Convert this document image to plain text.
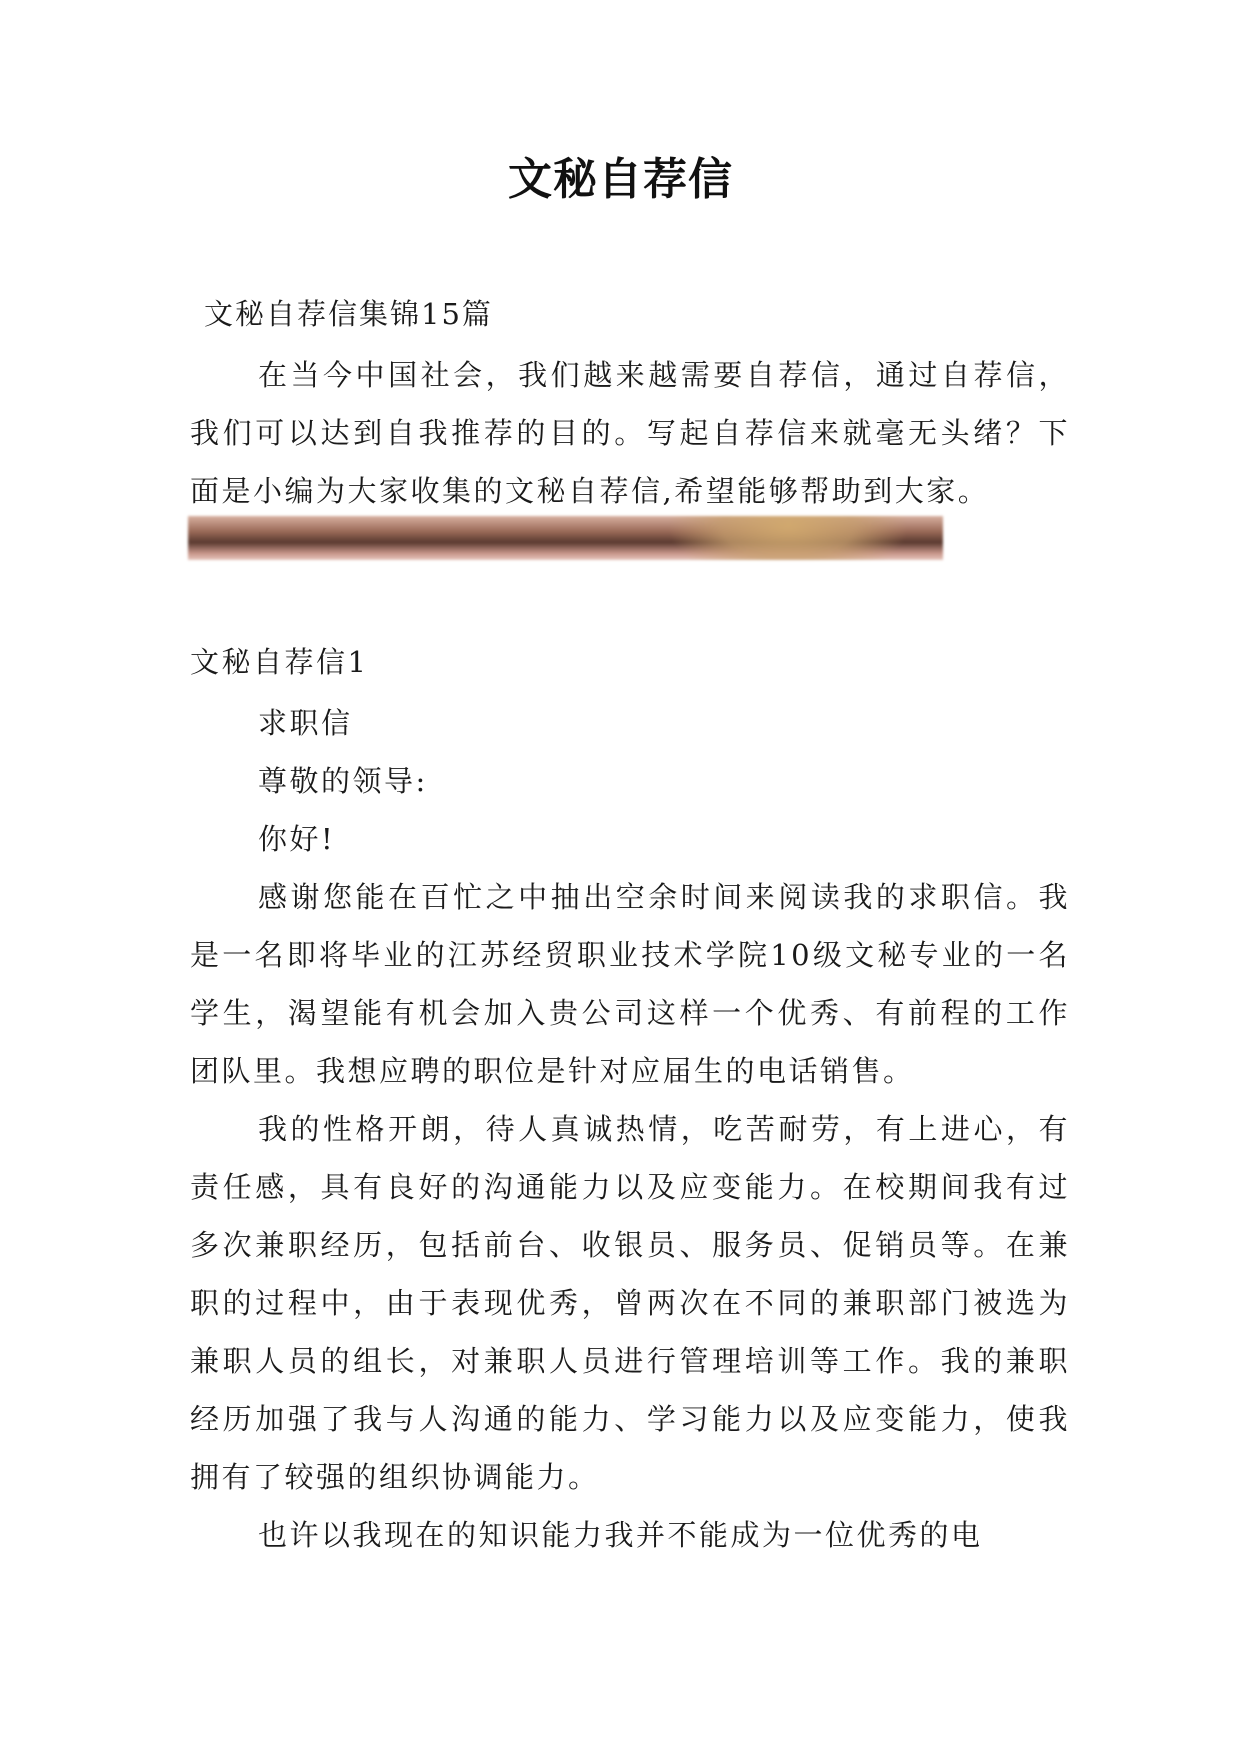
文秘自荐信
文秘自荐信集锦15篇

在当今中国社会，我们越来越需要自荐信，通过自荐信，我们可以达到自我推荐的目的。写起自荐信来就毫无头绪？下面是小编为大家收集的文秘自荐信,希望能够帮助到大家。

文秘自荐信1

求职信

尊敬的领导:

你好!

感谢您能在百忙之中抽出空余时间来阅读我的求职信。我是一名即将毕业的江苏经贸职业技术学院10级文秘专业的一名学生，渴望能有机会加入贵公司这样一个优秀、有前程的工作团队里。我想应聘的职位是针对应届生的电话销售。

我的性格开朗，待人真诚热情，吃苦耐劳，有上进心，有责任感，具有良好的沟通能力以及应变能力。在校期间我有过多次兼职经历，包括前台、收银员、服务员、促销员等。在兼职的过程中，由于表现优秀，曾两次在不同的兼职部门被选为兼职人员的组长，对兼职人员进行管理培训等工作。我的兼职经历加强了我与人沟通的能力、学习能力以及应变能力，使我拥有了较强的组织协调能力。

也许以我现在的知识能力我并不能成为一位优秀的电
